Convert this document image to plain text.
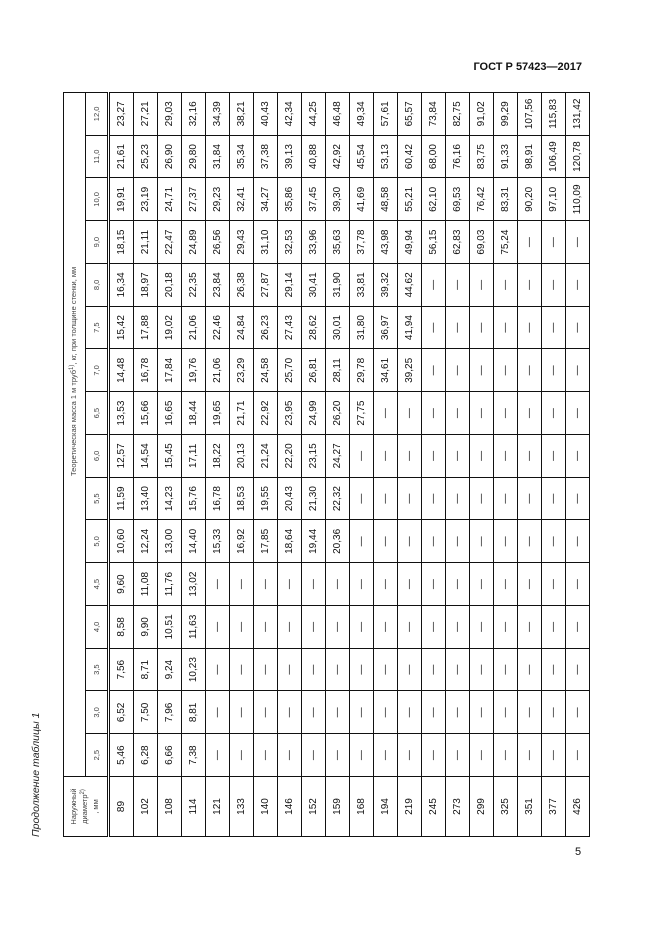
ГОСТ Р 57423—2017
Продолжение таблицы 1	Наружный диаметр$^{2)}$
, мм	Теоретическая масса 1 м труб$^{1)}$, кг, при толщине стенки, мм															

	2,5	3,0	3,5	4,0	4,5	5,0	5,5	6,0	6,5	7,0	7,5	8,0	9,0	10,0	11,0	12,0
89	5,46	6,52	7,56	8,58	9,60	10,60	11,59	12,57	13,53	14,48	15,42	16,34	18,15	19,91	21,61	23,27
102	6,28	7,50	8,71	9,90	11,08	12,24	13,40	14,54	15,66	16,78	17,88	18,97	21,11	23,19	25,23	27,21
108	6,66	7,96	9,24	10,51	11,76	13,00	14,23	15,45	16,65	17,84	19,02	20,18	22,47	24,71	26,90	29,03
114	7,38	8,81	10,23	11,63	13,02	14,40	15,76	17,11	18,44	19,76	21,06	22,35	24,89	27,37	29,80	32,16
121	—	—	—	—	—	15,33	16,78	18,22	19,65	21,06	22,46	23,84	26,56	29,23	31,84	34,39
133	—	—	—	—	—	16,92	18,53	20,13	21,71	23,29	24,84	26,38	29,43	32,41	35,34	38,21
140	—	—	—	—	—	17,85	19,55	21,24	22,92	24,58	26,23	27,87	31,10	34,27	37,38	40,43
146	—	—	—	—	—	18,64	20,43	22,20	23,95	25,70	27,43	29,14	32,53	35,86	39,13	42,34
152	—	—	—	—	—	19,44	21,30	23,15	24,99	26,81	28,62	30,41	33,96	37,45	40,88	44,25
159	—	—	—	—	—	20,36	22,32	24,27	26,20	28,11	30,01	31,90	35,63	39,30	42,92	46,48
168	—	—	—	—	—	—	—	—	27,75	29,78	31,80	33,81	37,78	41,69	45,54	49,34
194	—	—	—	—	—	—	—	—	—	34,61	36,97	39,32	43,98	48,58	53,13	57,61
219	—	—	—	—	—	—	—	—	—	39,25	41,94	44,62	49,94	55,21	60,42	65,57
245	—	—	—	—	—	—	—	—	—	—	—	—	56,15	62,10	68,00	73,84
273	—	—	—	—	—	—	—	—	—	—	—	—	62,83	69,53	76,16	82,75
299	—	—	—	—	—	—	—	—	—	—	—	—	69,03	76,42	83,75	91,02
325	—	—	—	—	—	—	—	—	—	—	—	—	75,24	83,31	91,33	99,29
351	—	—	—	—	—	—	—	—	—	—	—	—	—	90,20	98,91	107,56
377	—	—	—	—	—	—	—	—	—	—	—	—	—	97,10	106,49	115,83
426	—	—	—	—	—	—	—	—	—	—	—	—	—	110,09	120,78	131,42
5
